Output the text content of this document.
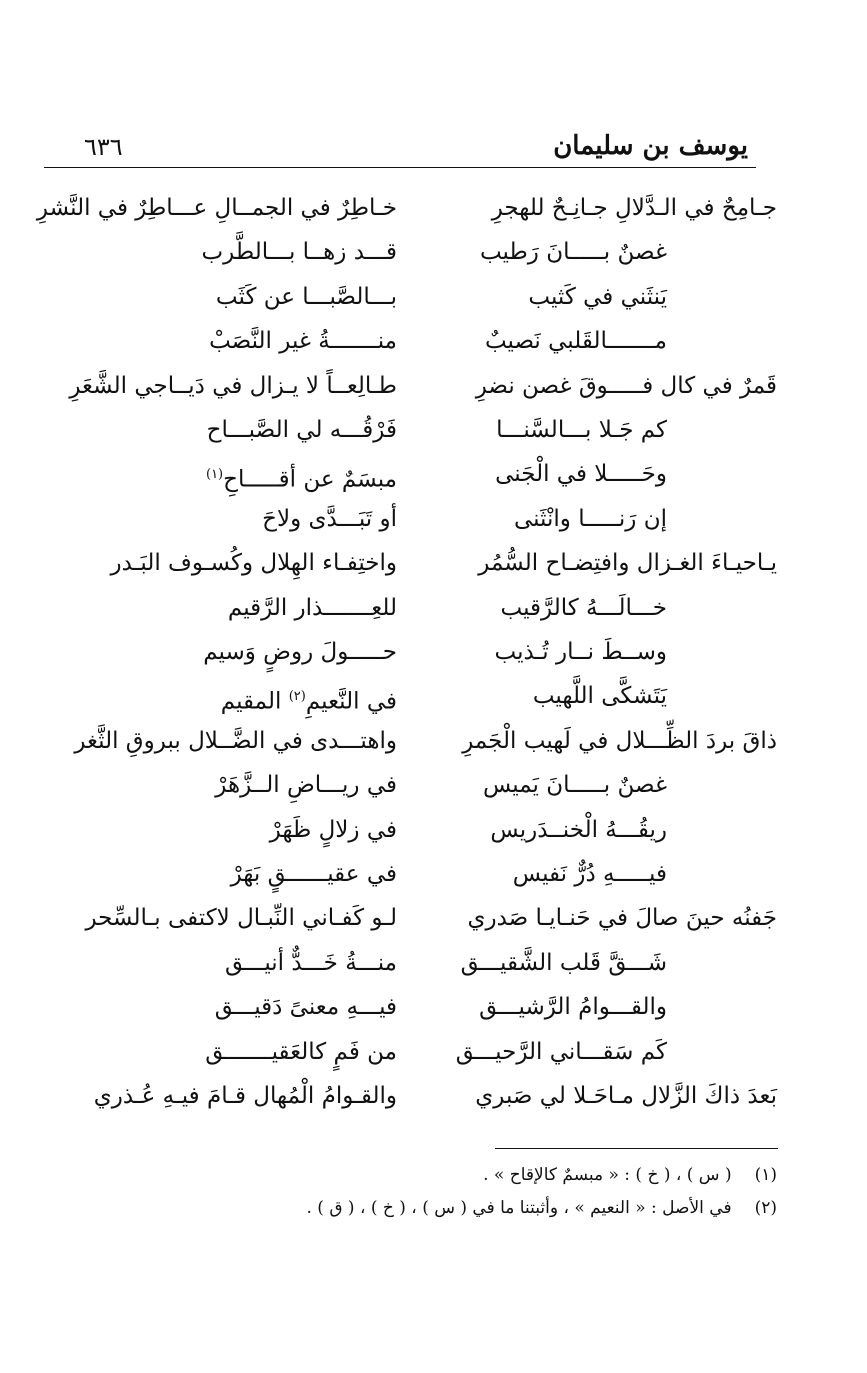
يوسف بن سليمان
٦٣٦
جـامِحٌ في الـدَّلالِ جـانِـحٌ للهجرِ
خـاطِرٌ في الجمــالِ عـــاطِرٌ في النَّشرِ
غصنٌ بـــــانَ رَطيب
قـــد زهــا بـــالطَّرب
يَنثَني في كَثيب
بـــالصَّبـــا عن كَثَب
مـــــــالقَلبي نَصيبٌ
منـــــــةُ غير النَّصَبْ
قَمرٌ في كال فـــــوقَ غصن نضرِ
طـالِعــاً لا يـزال في دَيــاجي الشَّعَرِ
كم جَـلا بـــالسَّنـــا
فَرْقُـــه لي الصَّبـــاح
وحَـــــلا في الْجَنى
مبسَمٌ عن أقـــــاحِ$^{(١)}$
إن رَنـــــا وانْثَنى
أو تَبَـــدَّى ولاحَ
يـاحيـاءَ الغـزال وافتِضـاح السُّمُر
واختِفـاء الهِلال وكُسـوف البَـدر
خـــالَـــهُ كالرَّقيب
للعِـــــــذار الرَّقيم
وســطَ نــار تُـذيب
حـــــولَ روضٍ وَسيم
يَتَشكَّى اللَّهيب
في النَّعيمِ$^{(٢)}$ المقيم
ذاقَ بردَ الظِّـــلال في لَهيب الْجَمرِ
واهتـــدى في الضَّــلال ببروقِ الثَّغر
غصنٌ بـــــانَ يَميس
في ريـــاضِ الــزَّهَرْ
ريقُـــهُ الْخنــدَريس
في زلالٍ ظَهَرْ
فيـــــهِ دُرٌّ نَفيس
في عقيــــــقٍ بَهَرْ
جَفنُه حينَ صالَ في حَنـايـا صَدري
لـو كَفـاني النِّبـال لاكتفى بـالسِّحر
شَـــقَّ قَلب الشَّقيـــق
منـــةُ خَـــدٌّ أنيـــق
والقـــوامُ الرَّشيـــق
فيـــهِ معنىً دَقيـــق
كَم سَقـــاني الرَّحيـــق
من فَمٍ كالعَقيـــــــق
بَعدَ ذاكَ الزَّلال مـاحَـلا لي صَبري
والقـوامُ الْمُهال قـامَ فيـهِ عُـذري
(١) ( س ) ، ( خ ) : « مبسمٌ كالإقاح » .
(٢) في الأصل : « النعيم » ، وأثبتنا ما في ( س ) ، ( خ ) ، ( ق ) .
